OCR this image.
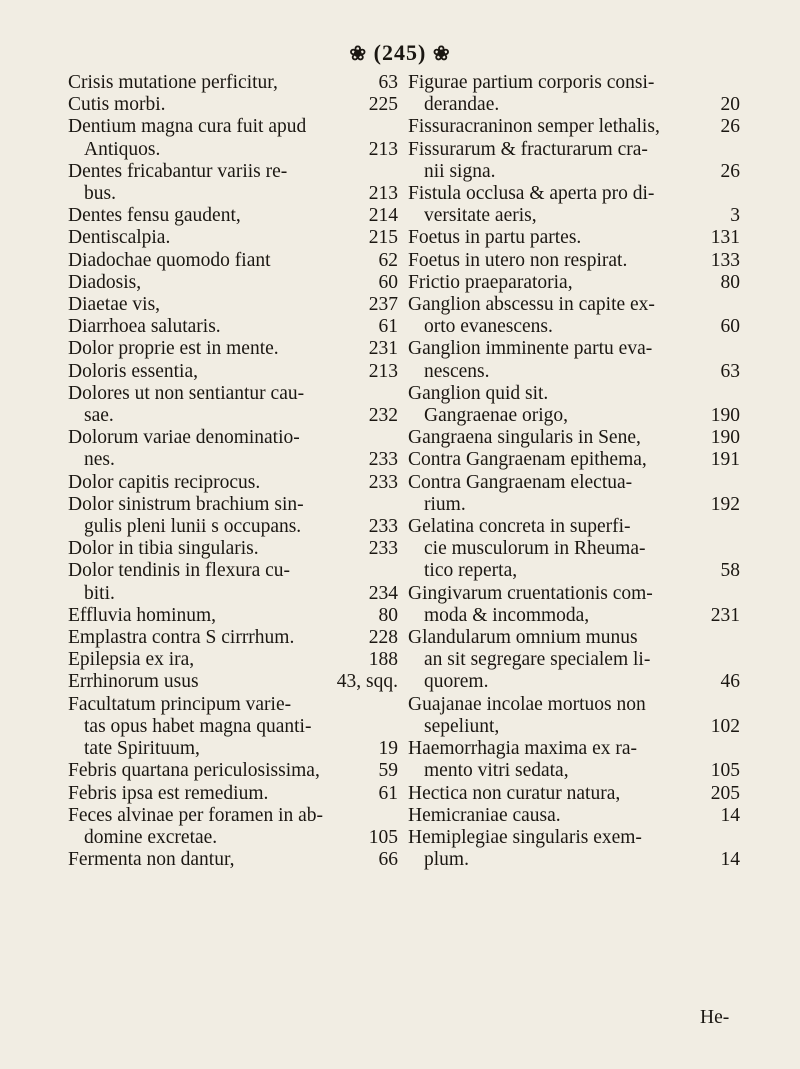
❀ (245) ❀
Crisis mutatione perficitur,	63
Cutis morbi.	225
Dentium magna cura fuit apud
Antiquos.	213
Dentes fricabantur variis re-
bus.	213
Dentes fensu gaudent,	214
Dentiscalpia.	215
Diadochae quomodo fiant	62
Diadosis,	60
Diaetae vis,	237
Diarrhoea salutaris.	61
Dolor proprie est in mente.	231
Doloris essentia,	213
Dolores ut non sentiantur cau-
sae.	232
Dolorum variae denominatio-
nes.	233
Dolor capitis reciprocus.	233
Dolor sinistrum brachium sin-
gulis pleni lunii s occupans.	233
Dolor in tibia singularis.	233
Dolor tendinis in flexura cu-
biti.	234
Effluvia hominum,	80
Emplastra contra S cirrrhum.	228
Epilepsia ex ira,	188
Errhinorum usus	43, sqq.
Facultatum principum varie-
tas opus habet magna quanti-
tate Spirituum,	19
Febris quartana periculosissima,	59
Febris ipsa est remedium.	61
Feces alvinae per foramen in ab-
domine excretae.	105
Fermenta non dantur,	66
Figurae partium corporis consi-
derandae.	20
Fissuracraninon semper lethalis,	26
Fissurarum & fracturarum cra-
nii signa.	26
Fistula occlusa & aperta pro di-
versitate aeris,	3
Foetus in partu partes.	131
Foetus in utero non respirat.	133
Frictio praeparatoria,	80
Ganglion abscessu in capite ex-
orto evanescens.	60
Ganglion imminente partu eva-
nescens.	63
Ganglion quid sit.
Gangraenae origo,	190
Gangraena singularis in Sene,	190
Contra Gangraenam epithema,	191
Contra Gangraenam electua-
rium.	192
Gelatina concreta in superfi-
cie musculorum in Rheuma-
tico reperta,	58
Gingivarum cruentationis com-
moda & incommoda,	231
Glandularum omnium munus
an sit segregare specialem li-
quorem.	46
Guajanae incolae mortuos non
sepeliunt,	102
Haemorrhagia maxima ex ra-
mento vitri sedata,	105
Hectica non curatur natura,	205
Hemicraniae causa.	14
Hemiplegiae singularis exem-
plum.	14
He-
